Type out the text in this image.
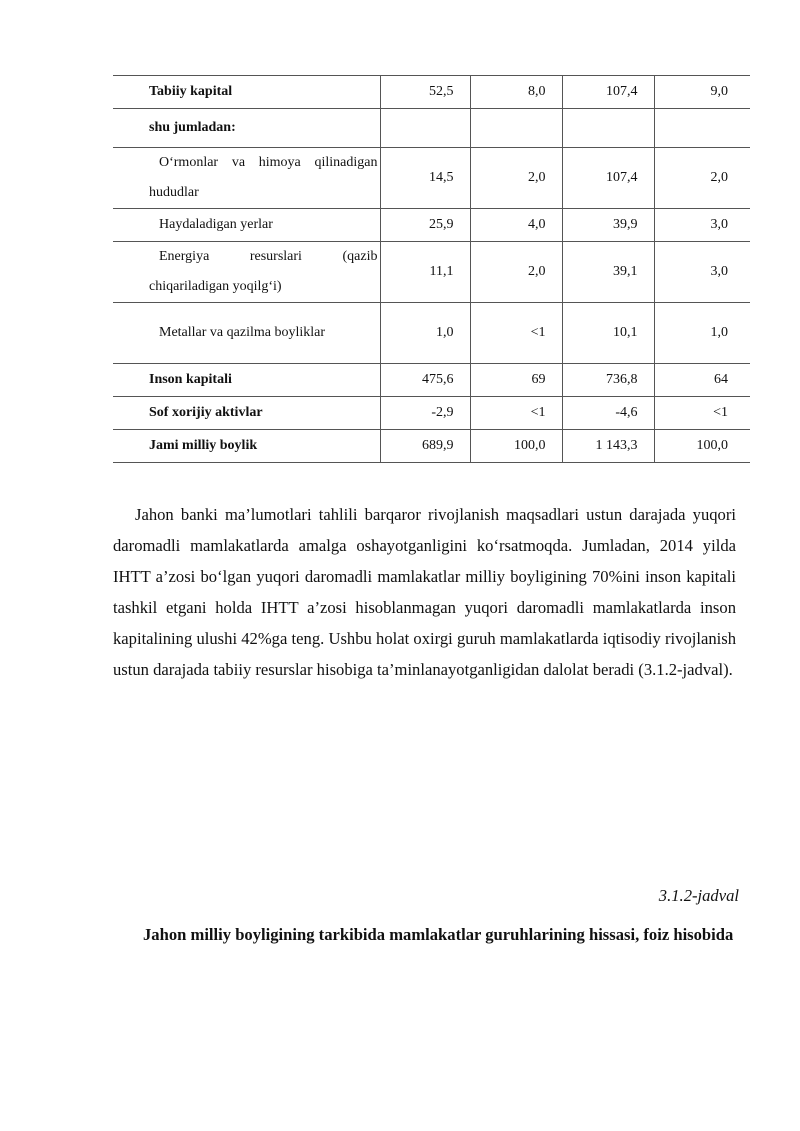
Tabiiy kapital	52,5	8,0	107,4	9,0
shu jumladan:				

O‘rmonlar va himoya qilinadigan hududlar	14,5	2,0	107,4	2,0

Haydaladigan yerlar	25,9	4,0	39,9	3,0

Energiya resurslari (qazib chiqariladigan yoqilg‘i)	11,1	2,0	39,1	3,0

Metallar va qazilma boyliklar	1,0	<1	10,1	1,0
Inson kapitali	475,6	69	736,8	64
Sof xorijiy aktivlar	-2,9	<1	-4,6	<1
Jami milliy boylik	689,9	100,0	1 143,3	100,0

Jahon banki ma’lumotlari tahlili barqaror rivojlanish maqsadlari ustun darajada yuqori daromadli mamlakatlarda amalga oshayotganligini ko‘rsatmoqda. Jumladan, 2014 yilda IHTT a’zosi bo‘lgan yuqori daromadli mamlakatlar milliy boyligining 70%ini inson kapitali tashkil etgani holda IHTT a’zosi hisoblanmagan yuqori daromadli mamlakatlarda inson kapitalining ulushi 42%ga teng. Ushbu holat oxirgi guruh mamlakatlarda iqtisodiy rivojlanish ustun darajada tabiiy resurslar hisobiga ta’minlanayotganligidan dalolat beradi (3.1.2-jadval).

3.1.2-jadval

Jahon milliy boyligining tarkibida mamlakatlar guruhlarining hissasi, foiz hisobida
